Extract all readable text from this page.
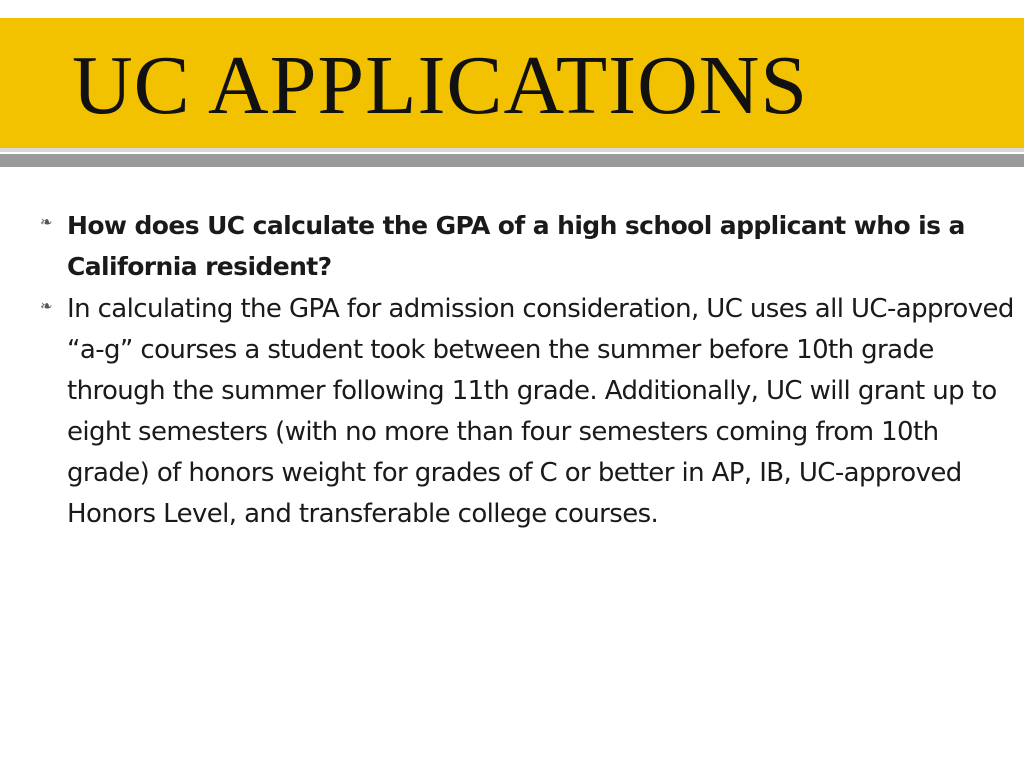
UC APPLICATIONS
❧ How does UC calculate the GPA of a high school applicant who is a California resident?
❧ In calculating the GPA for admission consideration, UC uses all UC-approved “a-g” courses a student took between the summer before 10th grade through the summer following 11th grade. Additionally, UC will grant up to eight semesters (with no more than four semesters coming from 10th grade) of honors weight for grades of C or better in AP, IB, UC-approved Honors Level, and transferable college courses.
